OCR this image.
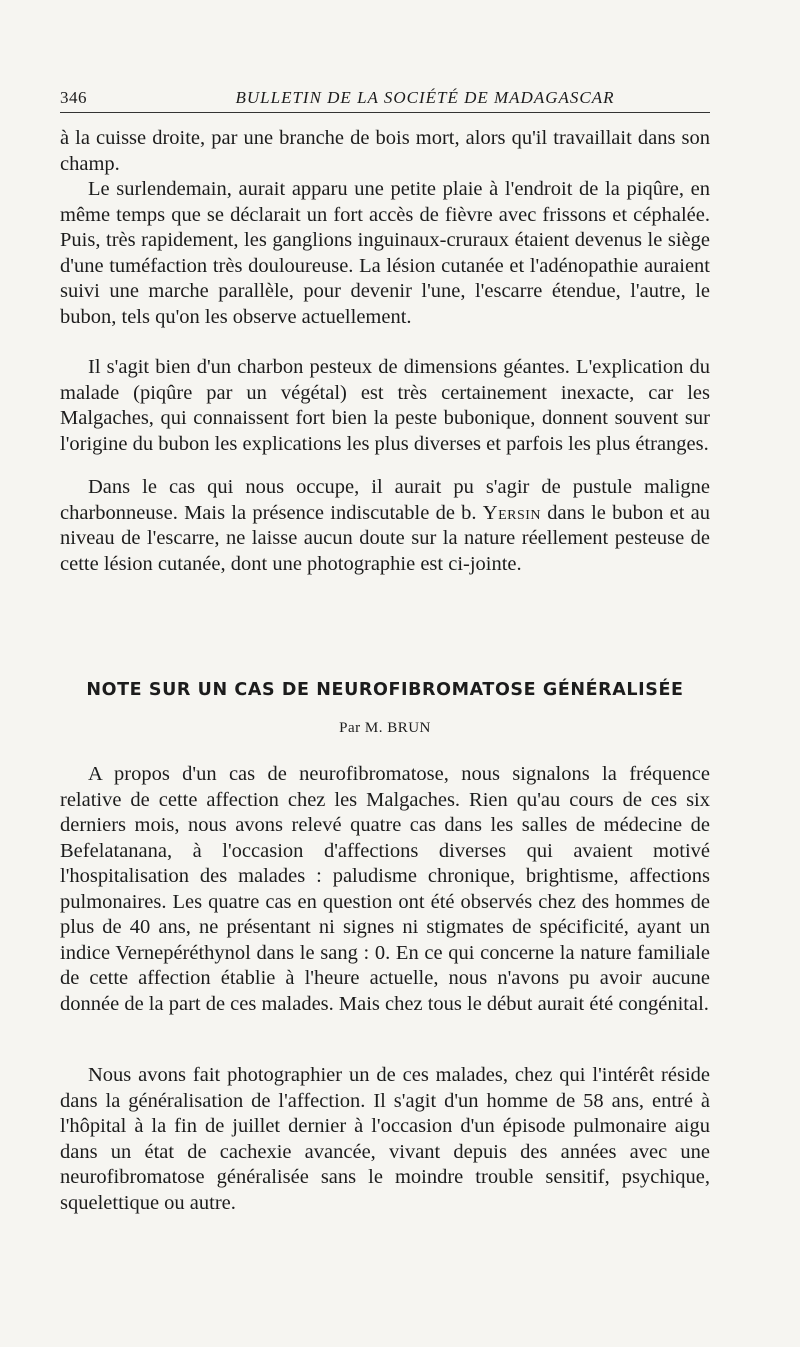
346	BULLETIN DE LA SOCIÉTÉ DE MADAGASCAR

à la cuisse droite, par une branche de bois mort, alors qu'il travaillait dans son champ.

Le surlendemain, aurait apparu une petite plaie à l'endroit de la piqûre, en même temps que se déclarait un fort accès de fièvre avec frissons et céphalée. Puis, très rapidement, les ganglions inguinaux-cruraux étaient devenus le siège d'une tuméfaction très douloureuse. La lésion cutanée et l'adénopathie auraient suivi une marche parallèle, pour devenir l'une, l'escarre étendue, l'autre, le bubon, tels qu'on les observe actuellement.

Il s'agit bien d'un charbon pesteux de dimensions géantes. L'explication du malade (piqûre par un végétal) est très certainement inexacte, car les Malgaches, qui connaissent fort bien la peste bubonique, donnent souvent sur l'origine du bubon les explications les plus diverses et parfois les plus étranges.

Dans le cas qui nous occupe, il aurait pu s'agir de pustule maligne charbonneuse. Mais la présence indiscutable de b. Yersin dans le bubon et au niveau de l'escarre, ne laisse aucun doute sur la nature réellement pesteuse de cette lésion cutanée, dont une photographie est ci-jointe.

NOTE SUR UN CAS DE NEUROFIBROMATOSE GÉNÉRALISÉE
Par M. BRUN

A propos d'un cas de neurofibromatose, nous signalons la fréquence relative de cette affection chez les Malgaches. Rien qu'au cours de ces six derniers mois, nous avons relevé quatre cas dans les salles de médecine de Befelatanana, à l'occasion d'affections diverses qui avaient motivé l'hospitalisation des malades : paludisme chronique, brightisme, affections pulmonaires. Les quatre cas en question ont été observés chez des hommes de plus de 40 ans, ne présentant ni signes ni stigmates de spécificité, ayant un indice Vernepéréthynol dans le sang : 0. En ce qui concerne la nature familiale de cette affection établie à l'heure actuelle, nous n'avons pu avoir aucune donnée de la part de ces malades. Mais chez tous le début aurait été congénital.

Nous avons fait photographier un de ces malades, chez qui l'intérêt réside dans la généralisation de l'affection. Il s'agit d'un homme de 58 ans, entré à l'hôpital à la fin de juillet dernier à l'occasion d'un épisode pulmonaire aigu dans un état de cachexie avancée, vivant depuis des années avec une neurofibromatose généralisée sans le moindre trouble sensitif, psychique, squelettique ou autre.
